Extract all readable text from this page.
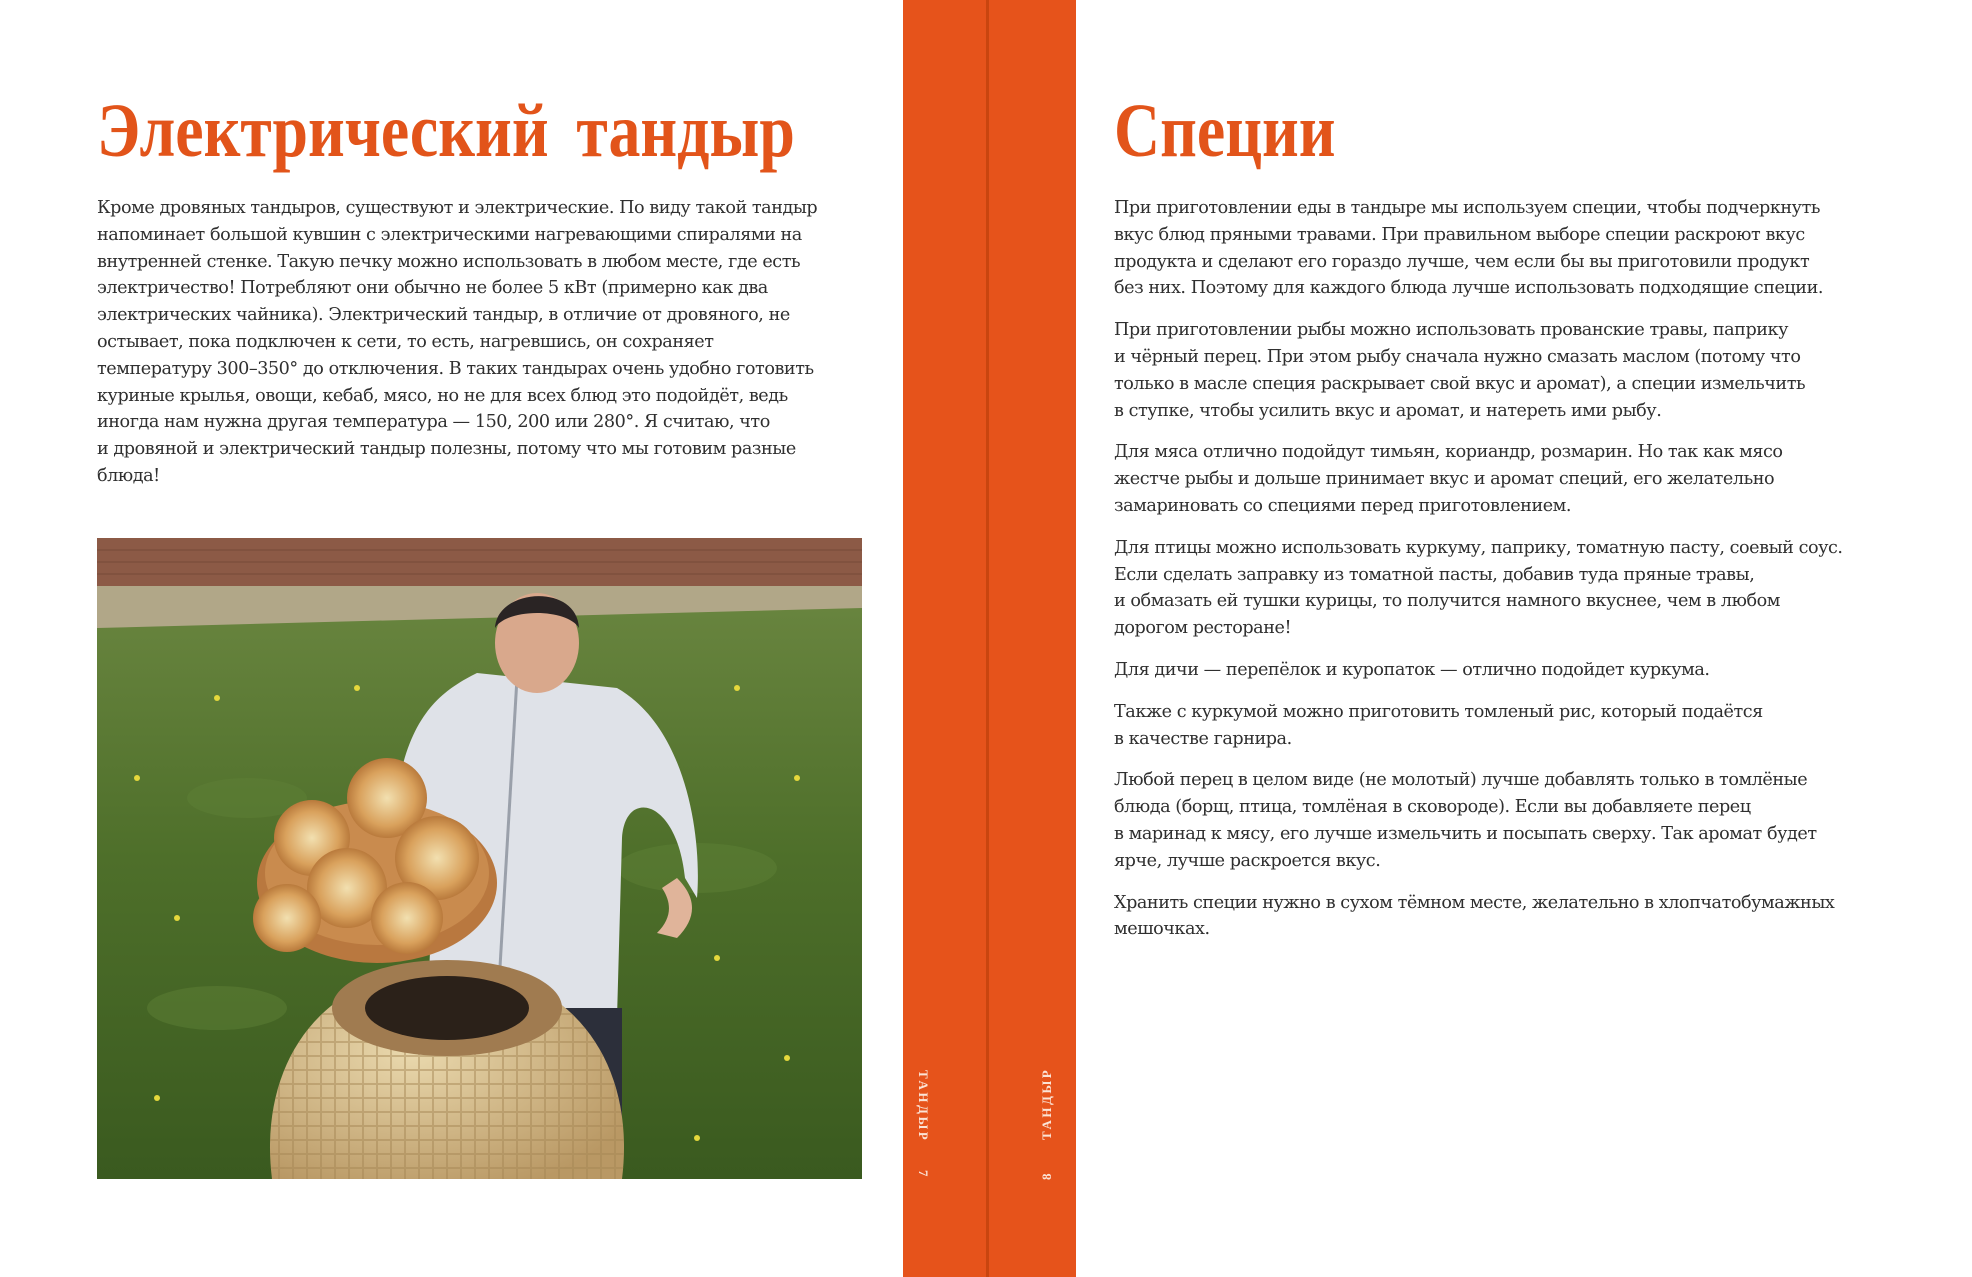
Электрический тандыр
Кроме дровяных тандыров, существуют и электрические. По виду такой тандыр
напоминает большой кувшин с электрическими нагревающими спиралями на
внутренней стенке. Такую печку можно использовать в любом месте, где есть
электричество! Потребляют они обычно не более 5 кВт (примерно как два
электрических чайника). Электрический тандыр, в отличие от дровяного, не
остывает, пока подключен к сети, то есть, нагревшись, он сохраняет
температуру 300–350° до отключения. В таких тандырах очень удобно готовить
куриные крылья, овощи, кебаб, мясо, но не для всех блюд это подойдёт, ведь
иногда нам нужна другая температура — 150, 200 или 280°. Я считаю, что
и дровяной и электрический тандыр полезны, потому что мы готовим разные
блюда!
ТАНДЫР
7
ТАНДЫР
8
Специи

При приготовлении еды в тандыре мы используем специи, чтобы подчеркнуть
вкус блюд пряными травами. При правильном выборе специи раскроют вкус
продукта и сделают его гораздо лучше, чем если бы вы приготовили продукт
без них. Поэтому для каждого блюда лучше использовать подходящие специи.

При приготовлении рыбы можно использовать прованские травы, паприку
и чёрный перец. При этом рыбу сначала нужно смазать маслом (потому что
только в масле специя раскрывает свой вкус и аромат), а специи измельчить
в ступке, чтобы усилить вкус и аромат, и натереть ими рыбу.

Для мяса отлично подойдут тимьян, кориандр, розмарин. Но так как мясо
жестче рыбы и дольше принимает вкус и аромат специй, его желательно
замариновать со специями перед приготовлением.

Для птицы можно использовать куркуму, паприку, томатную пасту, соевый соус.
Если сделать заправку из томатной пасты, добавив туда пряные травы,
и обмазать ей тушки курицы, то получится намного вкуснее, чем в любом
дорогом ресторане!

Для дичи — перепёлок и куропаток — отлично подойдет куркума.

Также с куркумой можно приготовить томленый рис, который подаётся
в качестве гарнира.

Любой перец в целом виде (не молотый) лучше добавлять только в томлёные
блюда (борщ, птица, томлёная в сковороде). Если вы добавляете перец
в маринад к мясу, его лучше измельчить и посыпать сверху. Так аромат будет
ярче, лучше раскроется вкус.

Хранить специи нужно в сухом тёмном месте, желательно в хлопчатобумажных
мешочках.
